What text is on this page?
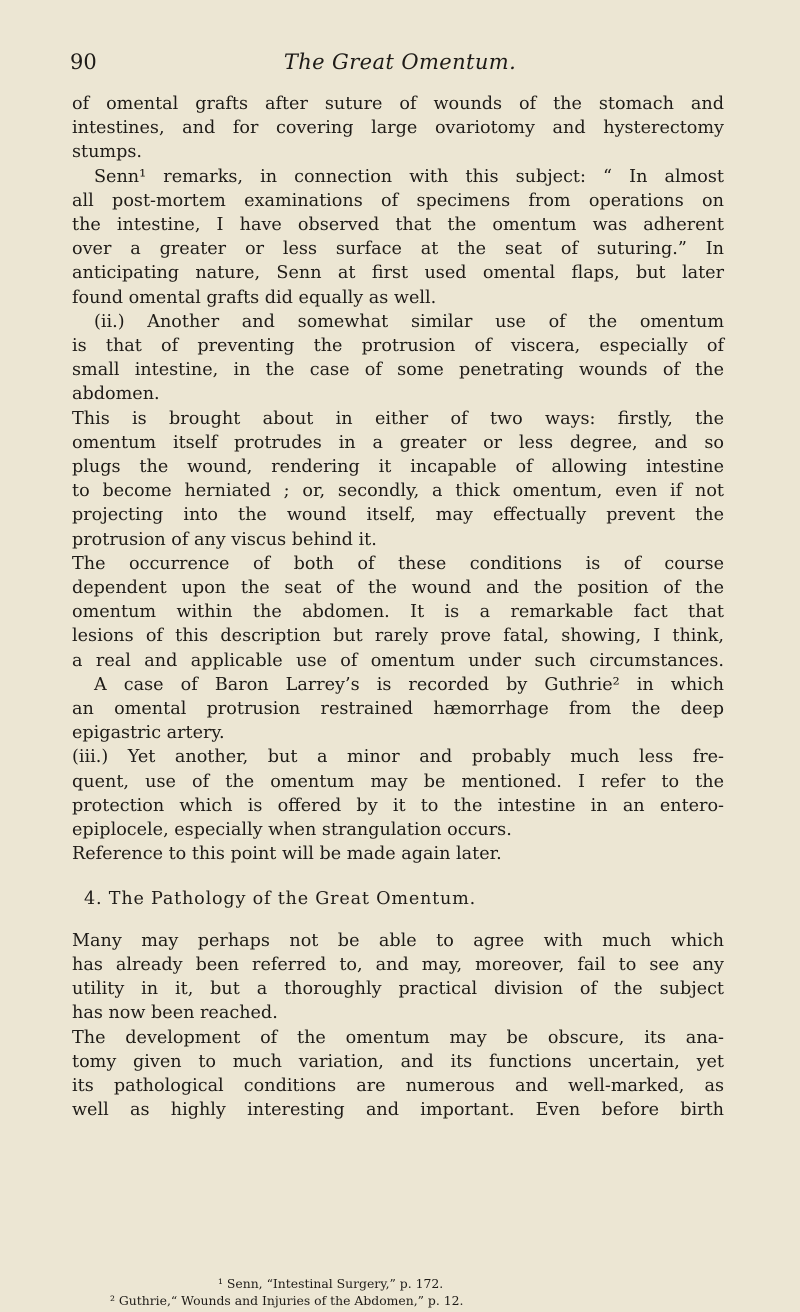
90	The Great Omentum.
of omental grafts after suture of wounds of the stomach and
intestines, and for covering large ovariotomy and hysterectomy
stumps.
Senn¹ remarks, in connection with this subject: “ In almost
all post-mortem examinations of specimens from operations on
the intestine, I have observed that the omentum was adherent
over a greater or less surface at the seat of suturing.” In
anticipating nature, Senn at first used omental flaps, but later
found omental grafts did equally as well.
(ii.) Another and somewhat similar use of the omentum
is that of preventing the protrusion of viscera, especially of
small intestine, in the case of some penetrating wounds of the
abdomen.
This is brought about in either of two ways: firstly, the
omentum itself protrudes in a greater or less degree, and so
plugs the wound, rendering it incapable of allowing intestine
to become herniated ; or, secondly, a thick omentum, even if not
projecting into the wound itself, may effectually prevent the
protrusion of any viscus behind it.
The occurrence of both of these conditions is of course
dependent upon the seat of the wound and the position of the
omentum within the abdomen. It is a remarkable fact that
lesions of this description but rarely prove fatal, showing, I think,
a real and applicable use of omentum under such circumstances.
A case of Baron Larrey’s is recorded by Guthrie² in which
an omental protrusion restrained hæmorrhage from the deep
epigastric artery.
(iii.) Yet another, but a minor and probably much less fre-
quent, use of the omentum may be mentioned. I refer to the
protection which is offered by it to the intestine in an entero-
epiplocele, especially when strangulation occurs.
Reference to this point will be made again later.
4. The Pathology of the Great Omentum.
Many may perhaps not be able to agree with much which
has already been referred to, and may, moreover, fail to see any
utility in it, but a thoroughly practical division of the subject
has now been reached.
The development of the omentum may be obscure, its ana-
tomy given to much variation, and its functions uncertain, yet
its pathological conditions are numerous and well-marked, as
well as highly interesting and important. Even before birth
¹ Senn, “Intestinal Surgery,” p. 172.
² Guthrie,“ Wounds and Injuries of the Abdomen,” p. 12.
